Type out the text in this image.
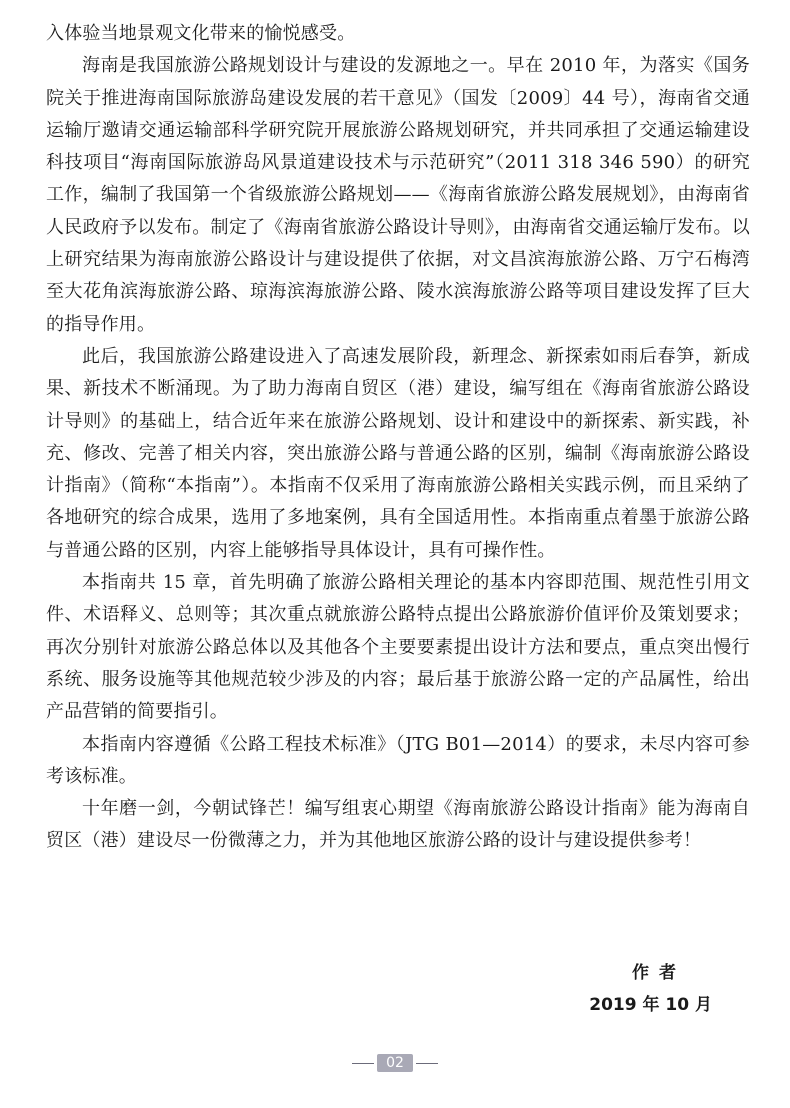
入体验当地景观文化带来的愉悦感受。

海南是我国旅游公路规划设计与建设的发源地之一。早在 2010 年，为落实《国务院关于推进海南国际旅游岛建设发展的若干意见》（国发〔2009〕44 号），海南省交通运输厅邀请交通运输部科学研究院开展旅游公路规划研究，并共同承担了交通运输建设科技项目“海南国际旅游岛风景道建设技术与示范研究”（2011 318 346 590）的研究工作，编制了我国第一个省级旅游公路规划——《海南省旅游公路发展规划》，由海南省人民政府予以发布。制定了《海南省旅游公路设计导则》，由海南省交通运输厅发布。以上研究结果为海南旅游公路设计与建设提供了依据，对文昌滨海旅游公路、万宁石梅湾至大花角滨海旅游公路、琼海滨海旅游公路、陵水滨海旅游公路等项目建设发挥了巨大的指导作用。

此后，我国旅游公路建设进入了高速发展阶段，新理念、新探索如雨后春笋，新成果、新技术不断涌现。为了助力海南自贸区（港）建设，编写组在《海南省旅游公路设计导则》的基础上，结合近年来在旅游公路规划、设计和建设中的新探索、新实践，补充、修改、完善了相关内容，突出旅游公路与普通公路的区别，编制《海南旅游公路设计指南》（简称“本指南”）。本指南不仅采用了海南旅游公路相关实践示例，而且采纳了各地研究的综合成果，选用了多地案例，具有全国适用性。本指南重点着墨于旅游公路与普通公路的区别，内容上能够指导具体设计，具有可操作性。

本指南共 15 章，首先明确了旅游公路相关理论的基本内容即范围、规范性引用文件、术语释义、总则等；其次重点就旅游公路特点提出公路旅游价值评价及策划要求；再次分别针对旅游公路总体以及其他各个主要要素提出设计方法和要点，重点突出慢行系统、服务设施等其他规范较少涉及的内容；最后基于旅游公路一定的产品属性，给出产品营销的简要指引。

本指南内容遵循《公路工程技术标准》（JTG B01—2014）的要求，未尽内容可参考该标准。

十年磨一剑，今朝试锋芒！编写组衷心期望《海南旅游公路设计指南》能为海南自贸区（港）建设尽一份微薄之力，并为其他地区旅游公路的设计与建设提供参考！

作者
2019 年 10 月
02
